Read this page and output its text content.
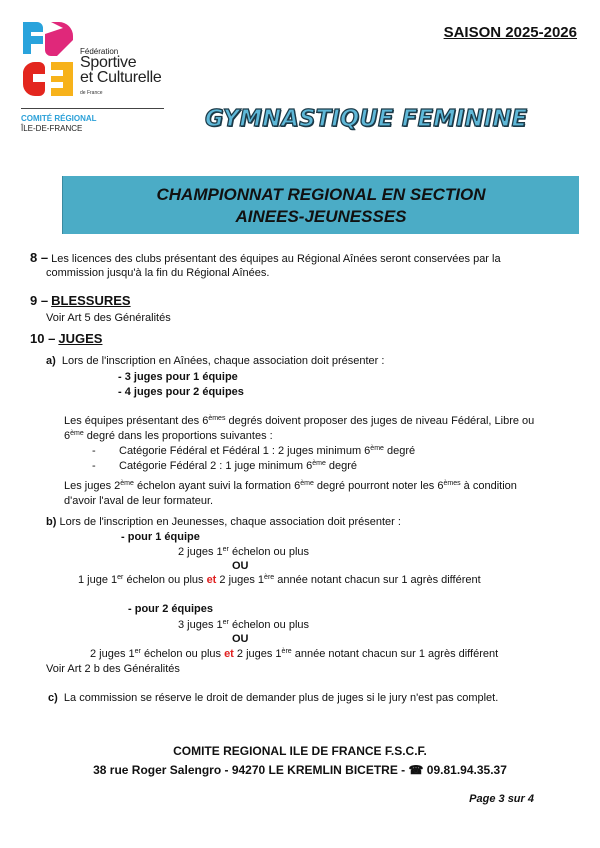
Fédération
Sportive
et Culturelle
de France
COMITÉ RÉGIONAL
ÎLE-DE-FRANCE
SAISON 2025-2026
GYMNASTIQUE FEMININE
CHAMPIONNAT REGIONAL EN SECTION
AINEES-JEUNESSES
8 – Les licences des clubs présentant des équipes au Régional Aînées seront conservées par la
commission jusqu'à la fin du Régional Aînées.
9 – BLESSURES
Voir Art 5 des Généralités
10 – JUGES
a) Lors de l'inscription en Aînées, chaque association doit présenter :
- 3 juges pour 1 équipe
- 4 juges pour 2 équipes
Les équipes présentant des 6èmes degrés doivent proposer des juges de niveau Fédéral, Libre ou
6ème degré dans les proportions suivantes :
- Catégorie Fédéral et Fédéral 1 : 2 juges minimum 6ème degré
- Catégorie Fédéral 2 : 1 juge minimum 6ème degré
Les juges 2ème échelon ayant suivi la formation 6ème degré pourront noter les 6èmes à condition
d'avoir l'aval de leur formateur.
b) Lors de l'inscription en Jeunesses, chaque association doit présenter :
- pour 1 équipe
2 juges 1er échelon ou plus
OU
1 juge 1er échelon ou plus et 2 juges 1ère année notant chacun sur 1 agrès différent
- pour 2 équipes
3 juges 1er échelon ou plus
OU
2 juges 1er échelon ou plus et 2 juges 1ère année notant chacun sur 1 agrès différent
Voir Art 2 b des Généralités
c) La commission se réserve le droit de demander plus de juges si le jury n'est pas complet.
COMITE REGIONAL ILE DE FRANCE F.S.C.F.
38 rue Roger Salengro - 94270 LE KREMLIN BICETRE - ☎ 09.81.94.35.37
Page 3 sur 4
